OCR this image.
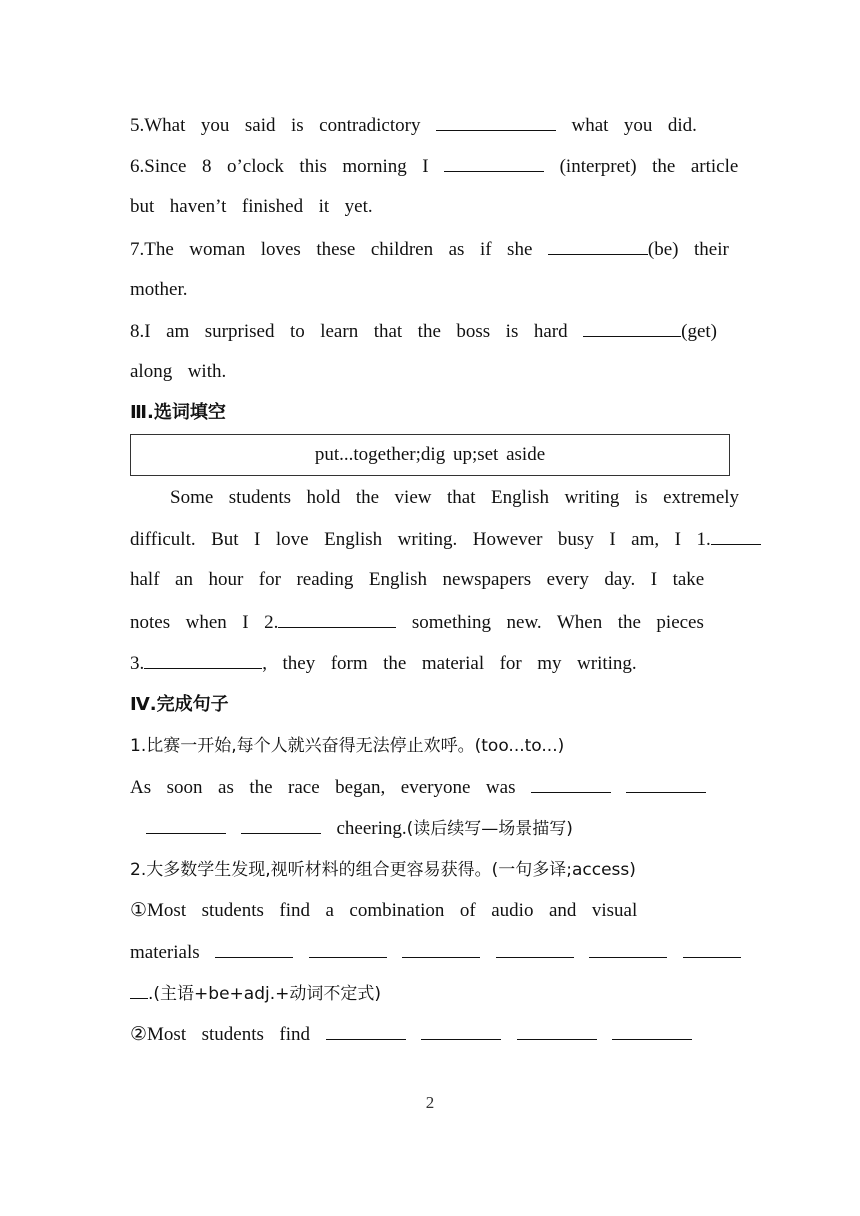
5.What  you  said  is  contradictory	what  you  did.
6.Since  8  o’clock  this  morning  I	(interpret)  the  article
but  haven’t  finished  it  yet.
7.The  woman  loves  these  children  as  if  she	(be)  their
mother.
8.I  am  surprised  to  learn  that  the  boss  is  hard	(get)
along  with.
Ⅲ.选词填空
put...together;dig up;set aside
Some  students  hold  the  view  that  English  writing  is  extremely
difficult.  But  I  love  English  writing.  However  busy  I  am,  I  1.
half  an  hour  for  reading  English  newspapers  every  day.  I  take
notes  when  I  2.	something  new.  When  the  pieces
3.	,  they  form  the  material  for  my  writing.
Ⅳ.完成句子
1.比赛一开始,每个人就兴奋得无法停止欢呼。(too...to...)
As  soon  as  the  race  began,  everyone  was
cheering.(读后续写—场景描写)
2.大多数学生发现,视听材料的组合更容易获得。(一句多译;access)
①Most  students  find  a  combination  of  audio  and  visual
materials
.(主语+be+adj.+动词不定式)
②Most  students  find
2
